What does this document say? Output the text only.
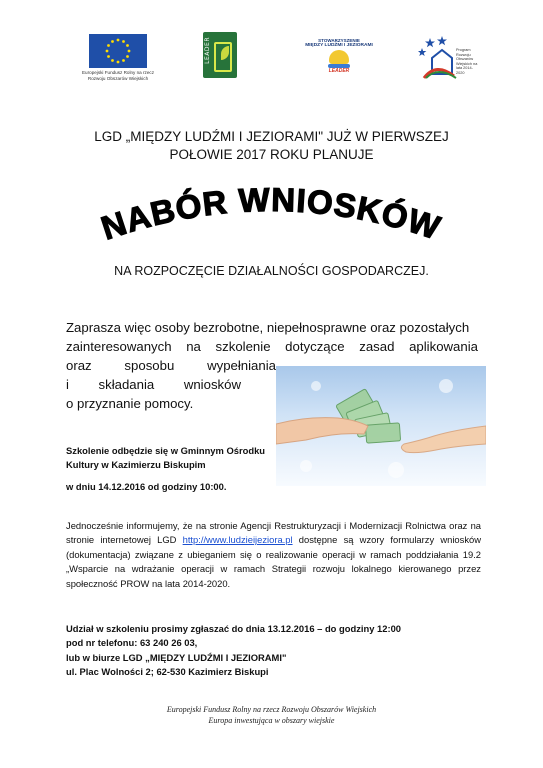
Europejski Fundusz Rolny na rzecz Rozwoju Obszarów Wiejskich
LEADER	STOWARZYSZENIE
MIĘDZY LUDŹMI I JEZIORAMI
LEADER
Program Rozwoju Obszarów Wiejskich na lata 2014-2020
LGD „MIĘDZY LUDŹMI I JEZIORAMI" JUŻ W PIERWSZEJ
POŁOWIE 2017 ROKU PLANUJE
NABÓR WNIOSKÓW
NA ROZPOCZĘCIE DZIAŁALNOŚCI GOSPODARCZEJ.
Zaprasza więc osoby bezrobotne, niepełnosprawne oraz pozostałych
zainteresowanych na szkolenie dotyczące zasad aplikowania
oraz sposobu wypełniania
i składania wniosków
o przyznanie pomocy.
Szkolenie odbędzie się w Gminnym Ośrodku Kultury w Kazimierzu Biskupim
w dniu 14.12.2016 od godziny 10:00.
Jednocześnie informujemy, że na stronie Agencji Restrukturyzacji i Modernizacji Rolnictwa oraz na stronie internetowej LGD http://www.ludzieijeziora.pl dostępne są wzory formularzy wniosków (dokumentacja) związane z ubieganiem się o realizowanie operacji w ramach poddziałania 19.2 „Wsparcie na wdrażanie operacji w ramach Strategii rozwoju lokalnego kierowanego przez społeczność PROW na lata 2014-2020.
Udział w szkoleniu prosimy zgłaszać do dnia 13.12.2016 – do godziny 12:00
pod nr telefonu: 63 240 26 03,
lub w biurze LGD „MIĘDZY LUDŹMI I JEZIORAMI"
ul. Plac Wolności 2; 62-530 Kazimierz Biskupi
Europejski Fundusz Rolny na rzecz Rozwoju Obszarów Wiejskich
Europa inwestująca w obszary wiejskie
